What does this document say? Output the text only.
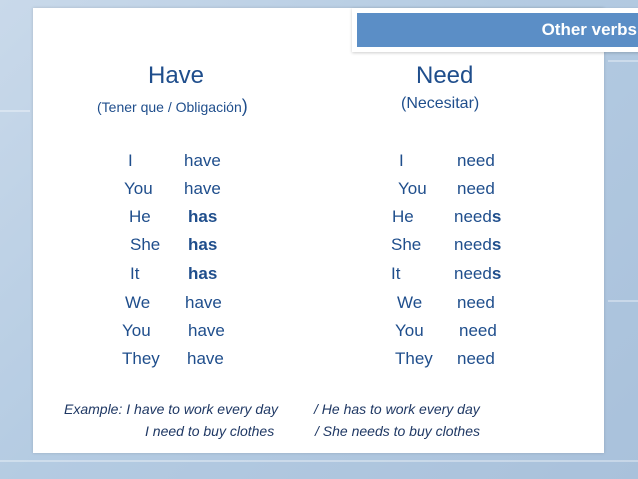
Other verbs
Have
(Tener que / Obligación)
I	have
You have
He has
She has
It	has
We have
You have
They have
Need
(Necesitar)
I	need
You need
He needs
She needs
It	needs
We need
You need
They need
Example: I have to work every day	/ He has to work every day
I need to buy clothes	/ She needs to buy clothes
